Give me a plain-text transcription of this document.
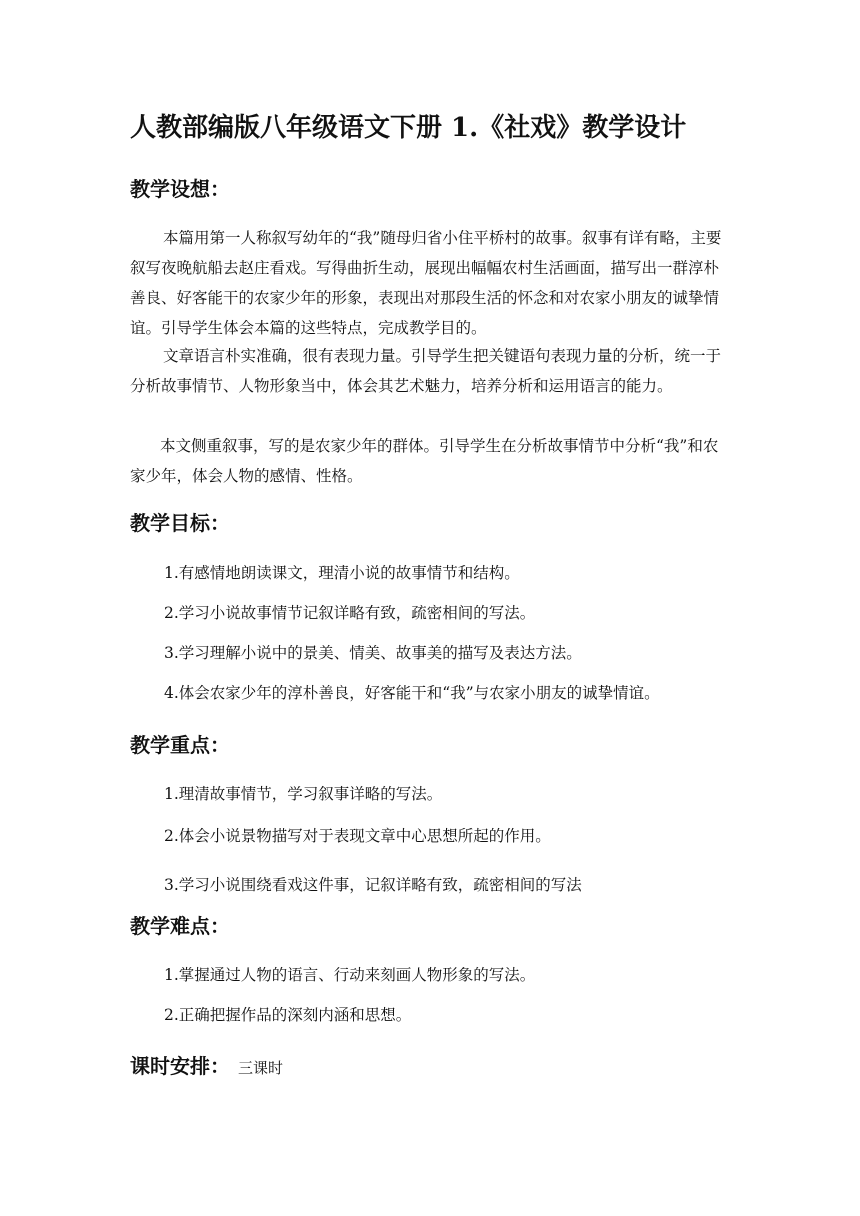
人教部编版八年级语文下册 1.《社戏》教学设计
教学设想：

本篇用第一人称叙写幼年的“我”随母归省小住平桥村的故事。叙事有详有略，主要叙写夜晚航船去赵庄看戏。写得曲折生动，展现出幅幅农村生活画面，描写出一群淳朴善良、好客能干的农家少年的形象，表现出对那段生活的怀念和对农家小朋友的诚挚情谊。引导学生体会本篇的这些特点，完成教学目的。

文章语言朴实准确，很有表现力量。引导学生把关键语句表现力量的分析，统一于分析故事情节、人物形象当中，体会其艺术魅力，培养分析和运用语言的能力。

本文侧重叙事，写的是农家少年的群体。引导学生在分析故事情节中分析“我”和农家少年，体会人物的感情、性格。

教学目标：
1.有感情地朗读课文，理清小说的故事情节和结构。
2.学习小说故事情节记叙详略有致，疏密相间的写法。
3.学习理解小说中的景美、情美、故事美的描写及表达方法。
4.体会农家少年的淳朴善良，好客能干和“我”与农家小朋友的诚挚情谊。
教学重点：
1.理清故事情节，学习叙事详略的写法。
2.体会小说景物描写对于表现文章中心思想所起的作用。
3.学习小说围绕看戏这件事，记叙详略有致，疏密相间的写法
教学难点：
1.掌握通过人物的语言、行动来刻画人物形象的写法。
2.正确把握作品的深刻内涵和思想。
课时安排： 三课时
